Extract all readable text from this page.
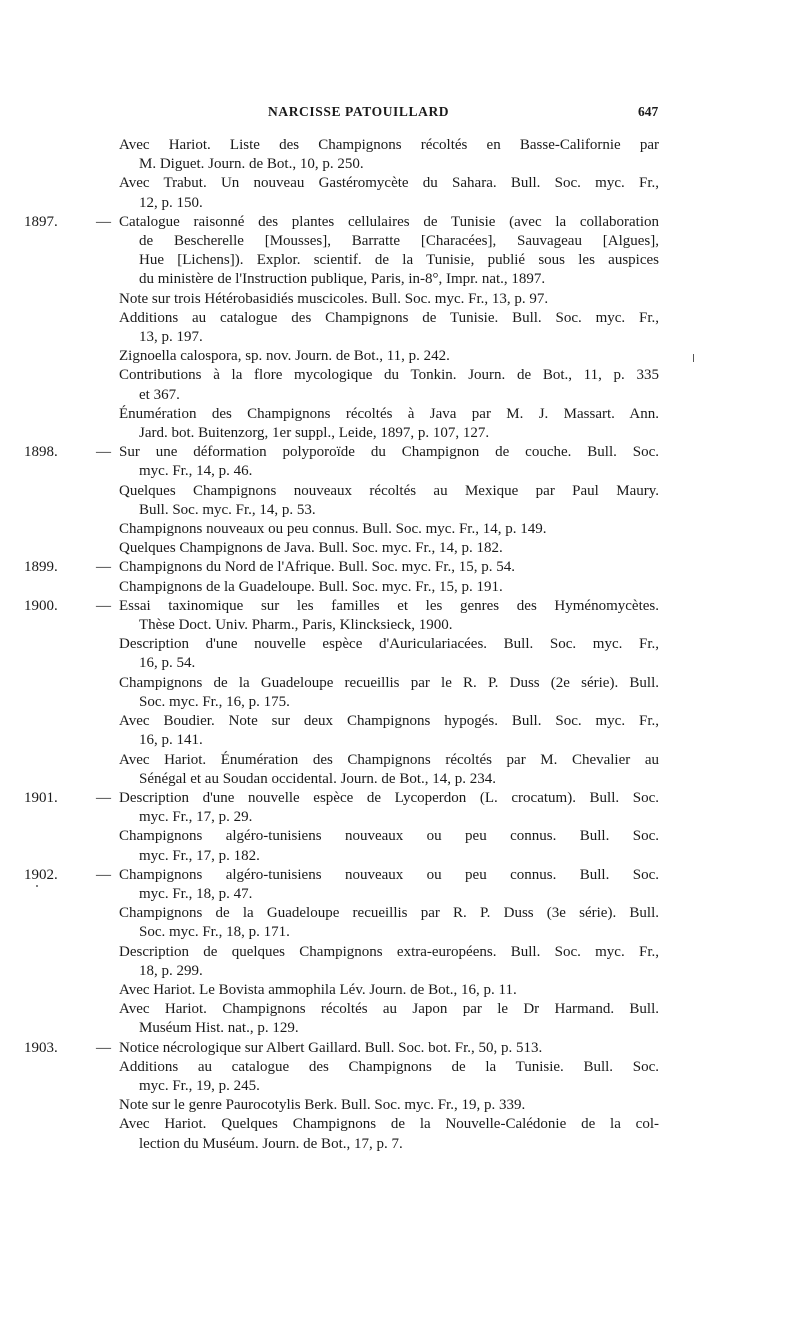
NARCISSE PATOUILLARD	647
Avec Hariot. Liste des Champignons récoltés en Basse-Californie par
M. Diguet. Journ. de Bot., 10, p. 250.
Avec Trabut. Un nouveau Gastéromycète du Sahara. Bull. Soc. myc. Fr.,
12, p. 150.
1897.	— Catalogue raisonné des plantes cellulaires de Tunisie (avec la collaboration
de Bescherelle [Mousses], Barratte [Characées], Sauvageau [Algues],
Hue [Lichens]). Explor. scientif. de la Tunisie, publié sous les auspices
du ministère de l'Instruction publique, Paris, in-8°, Impr. nat., 1897.
Note sur trois Hétérobasidiés muscicoles. Bull. Soc. myc. Fr., 13, p. 97.
Additions au catalogue des Champignons de Tunisie. Bull. Soc. myc. Fr.,
13, p. 197.
Zignoella calospora, sp. nov. Journ. de Bot., 11, p. 242.
Contributions à la flore mycologique du Tonkin. Journ. de Bot., 11, p. 335
et 367.
Énumération des Champignons récoltés à Java par M. J. Massart. Ann.
Jard. bot. Buitenzorg, 1er suppl., Leide, 1897, p. 107, 127.
1898.	— Sur une déformation polyporoïde du Champignon de couche. Bull. Soc.
myc. Fr., 14, p. 46.
Quelques Champignons nouveaux récoltés au Mexique par Paul Maury.
Bull. Soc. myc. Fr., 14, p. 53.
Champignons nouveaux ou peu connus. Bull. Soc. myc. Fr., 14, p. 149.
Quelques Champignons de Java. Bull. Soc. myc. Fr., 14, p. 182.
1899.	— Champignons du Nord de l'Afrique. Bull. Soc. myc. Fr., 15, p. 54.
Champignons de la Guadeloupe. Bull. Soc. myc. Fr., 15, p. 191.
1900.	— Essai taxinomique sur les familles et les genres des Hyménomycètes.
Thèse Doct. Univ. Pharm., Paris, Klincksieck, 1900.
Description d'une nouvelle espèce d'Auriculariacées. Bull. Soc. myc. Fr.,
16, p. 54.
Champignons de la Guadeloupe recueillis par le R. P. Duss (2e série). Bull.
Soc. myc. Fr., 16, p. 175.
Avec Boudier. Note sur deux Champignons hypogés. Bull. Soc. myc. Fr.,
16, p. 141.
Avec Hariot. Énumération des Champignons récoltés par M. Chevalier au
Sénégal et au Soudan occidental. Journ. de Bot., 14, p. 234.
1901.	— Description d'une nouvelle espèce de Lycoperdon (L. crocatum). Bull. Soc.
myc. Fr., 17, p. 29.
Champignons algéro-tunisiens nouveaux ou peu connus. Bull. Soc.
myc. Fr., 17, p. 182.
1902.	— Champignons algéro-tunisiens nouveaux ou peu connus. Bull. Soc.
myc. Fr., 18, p. 47.
Champignons de la Guadeloupe recueillis par R. P. Duss (3e série). Bull.
Soc. myc. Fr., 18, p. 171.
Description de quelques Champignons extra-européens. Bull. Soc. myc. Fr.,
18, p. 299.
Avec Hariot. Le Bovista ammophila Lév. Journ. de Bot., 16, p. 11.
Avec Hariot. Champignons récoltés au Japon par le Dr Harmand. Bull.
Muséum Hist. nat., p. 129.
1903.	— Notice nécrologique sur Albert Gaillard. Bull. Soc. bot. Fr., 50, p. 513.
Additions au catalogue des Champignons de la Tunisie. Bull. Soc.
myc. Fr., 19, p. 245.
Note sur le genre Paurocotylis Berk. Bull. Soc. myc. Fr., 19, p. 339.
Avec Hariot. Quelques Champignons de la Nouvelle-Calédonie de la col-
lection du Muséum. Journ. de Bot., 17, p. 7.
